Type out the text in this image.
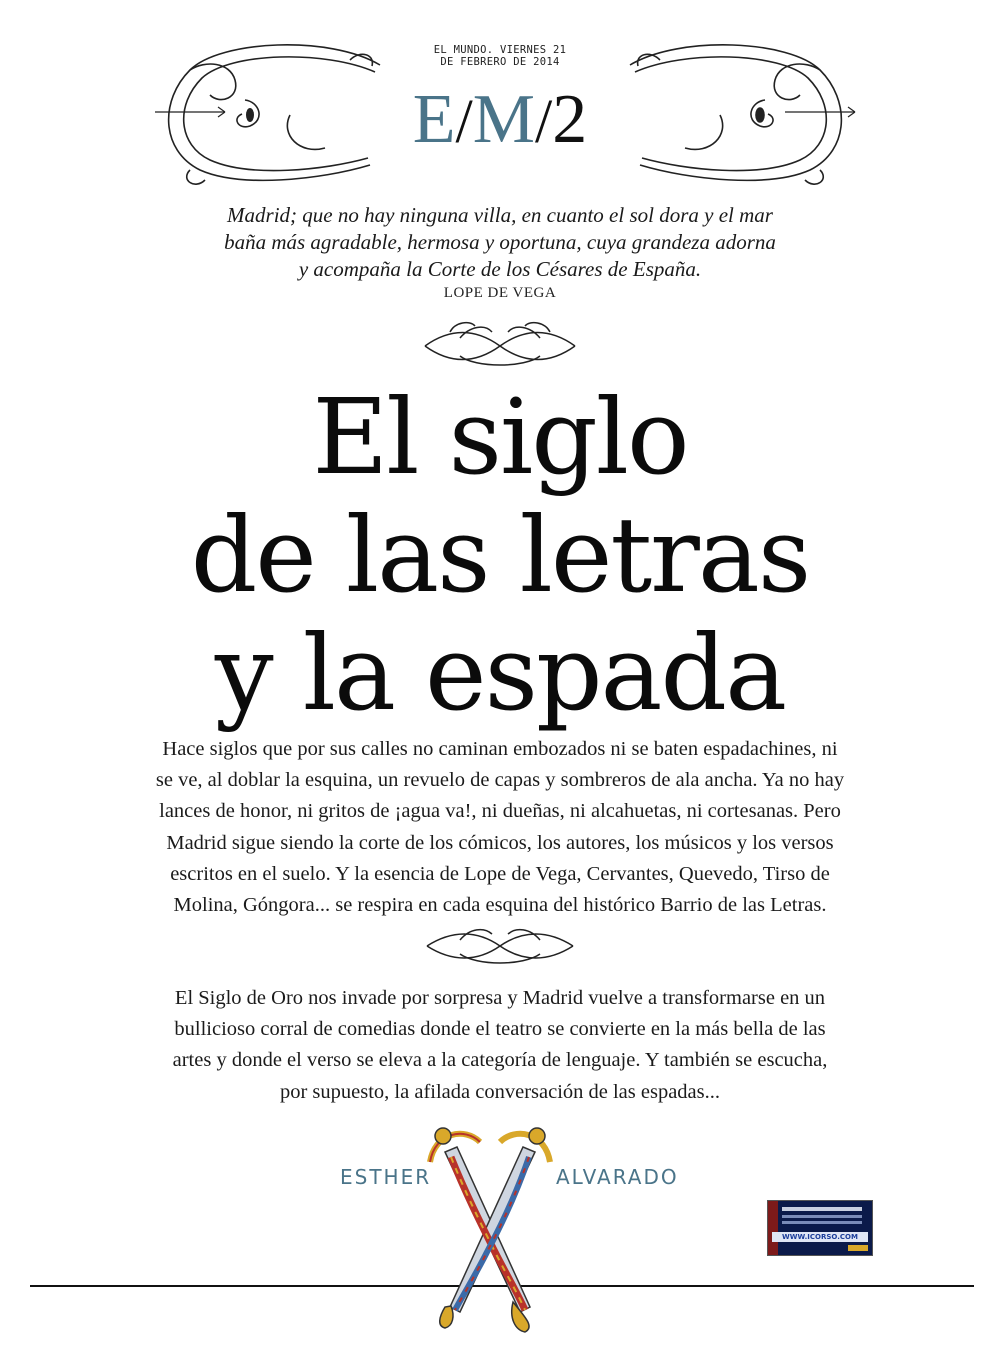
EL MUNDO. VIERNES 21
DE FEBRERO DE 2014
E/M/2
Madrid; que no hay ninguna villa, en cuanto el sol dora y el mar
baña más agradable, hermosa y oportuna, cuya grandeza adorna
y acompaña la Corte de los Césares de España.
LOPE DE VEGA
El siglo
de las letras
y la espada
Hace siglos que por sus calles no caminan embozados ni se baten espadachines, ni
se ve, al doblar la esquina, un revuelo de capas y sombreros de ala ancha. Ya no hay
lances de honor, ni gritos de ¡agua va!, ni dueñas, ni alcahuetas, ni cortesanas. Pero
Madrid sigue siendo la corte de los cómicos, los autores, los músicos y los versos
escritos en el suelo. Y la esencia de Lope de Vega, Cervantes, Quevedo, Tirso de
Molina, Góngora... se respira en cada esquina del histórico Barrio de las Letras.
El Siglo de Oro nos invade por sorpresa y Madrid vuelve a transformarse en un
bullicioso corral de comedias donde el teatro se convierte en la más bella de las
artes y donde el verso se eleva a la categoría de lenguaje. Y también se escucha,
por supuesto, la afilada conversación de las espadas...
ESTHER	ALVARADO
WWW.ICORSO.COM
